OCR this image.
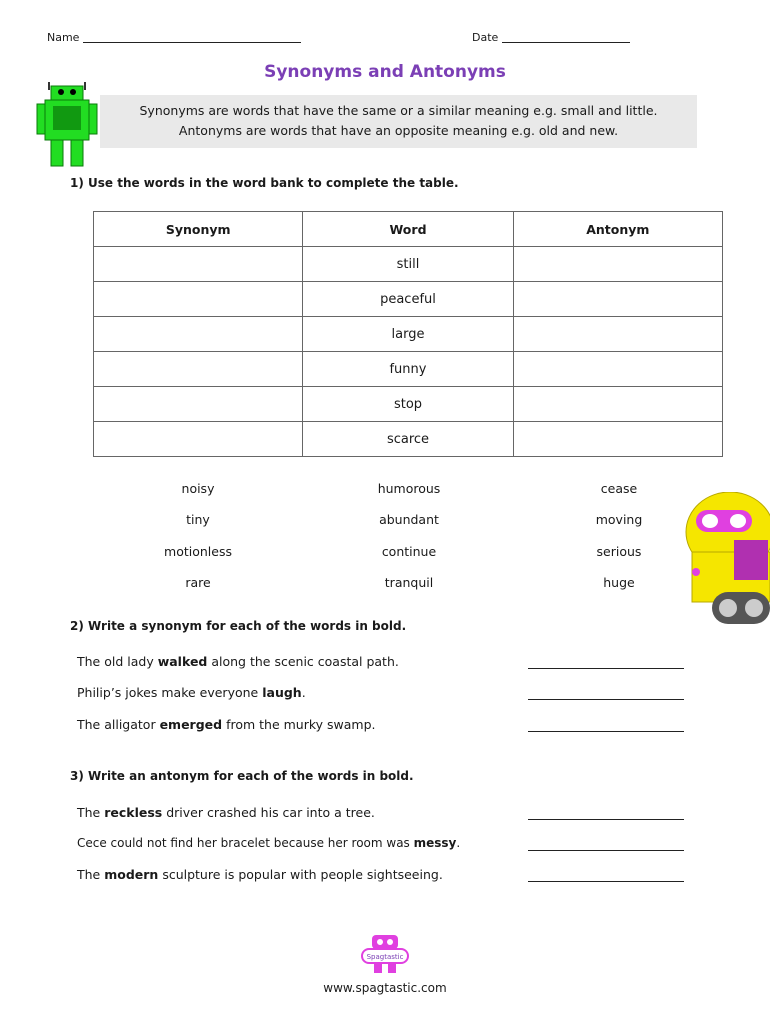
Name	Date
Synonyms and Antonyms
Synonyms are words that have the same or a similar meaning e.g. small and little.
Antonyms are words that have an opposite meaning e.g. old and new.
1) Use the words in the word bank to complete the table.
Synonym	Word	Antonym
	still	
	peaceful	
	large	
	funny	
	stop	
	scarce	
noisy	humorous	cease
tiny	abundant	moving
motionless	continue	serious
rare	tranquil	huge
2) Write a synonym for each of the words in bold.
The old lady walked along the scenic coastal path.
Philip’s jokes make everyone laugh.
The alligator emerged from the murky swamp.
3) Write an antonym for each of the words in bold.
The reckless driver crashed his car into a tree.
Cece could not find her bracelet because her room was messy.
The modern sculpture is popular with people sightseeing.
Spagtastic
www.spagtastic.com
